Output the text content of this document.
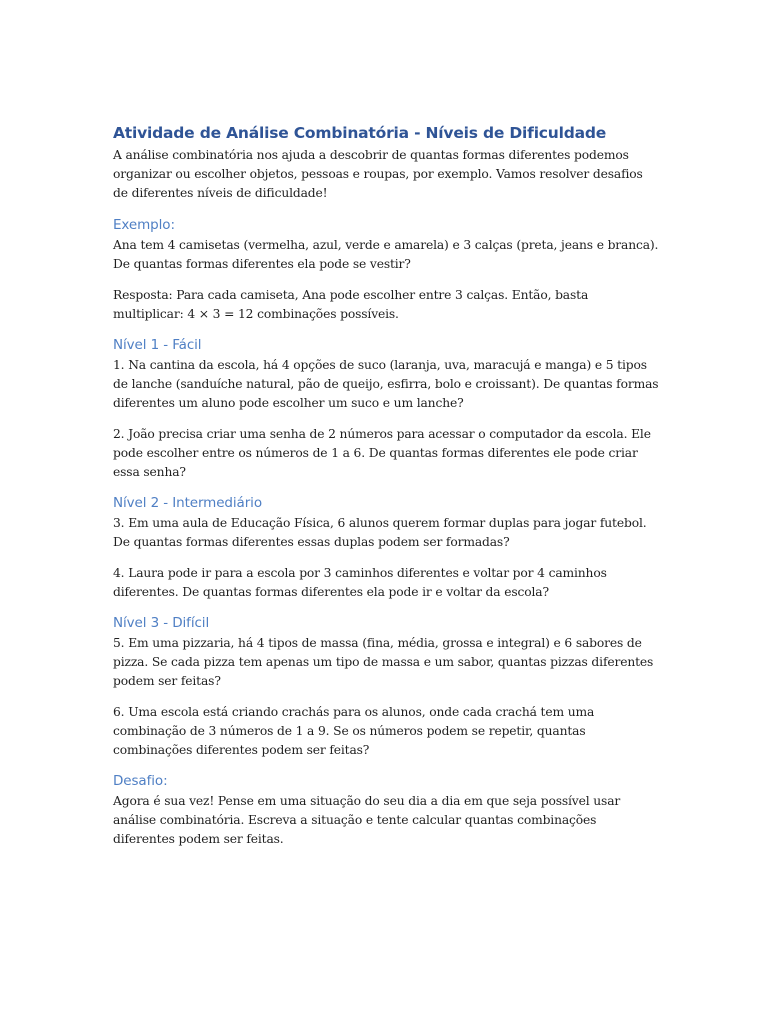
Atividade de Análise Combinatória - Níveis de Dificuldade

A análise combinatória nos ajuda a descobrir de quantas formas diferentes podemos organizar ou escolher objetos, pessoas e roupas, por exemplo. Vamos resolver desafios de diferentes níveis de dificuldade!

Exemplo:

Ana tem 4 camisetas (vermelha, azul, verde e amarela) e 3 calças (preta, jeans e branca). De quantas formas diferentes ela pode se vestir?

Resposta: Para cada camiseta, Ana pode escolher entre 3 calças. Então, basta multiplicar: 4 × 3 = 12 combinações possíveis.

Nível 1 - Fácil

1. Na cantina da escola, há 4 opções de suco (laranja, uva, maracujá e manga) e 5 tipos de lanche (sanduíche natural, pão de queijo, esfirra, bolo e croissant). De quantas formas diferentes um aluno pode escolher um suco e um lanche?

2. João precisa criar uma senha de 2 números para acessar o computador da escola. Ele pode escolher entre os números de 1 a 6. De quantas formas diferentes ele pode criar essa senha?

Nível 2 - Intermediário

3. Em uma aula de Educação Física, 6 alunos querem formar duplas para jogar futebol. De quantas formas diferentes essas duplas podem ser formadas?

4. Laura pode ir para a escola por 3 caminhos diferentes e voltar por 4 caminhos diferentes. De quantas formas diferentes ela pode ir e voltar da escola?

Nível 3 - Difícil

5. Em uma pizzaria, há 4 tipos de massa (fina, média, grossa e integral) e 6 sabores de pizza. Se cada pizza tem apenas um tipo de massa e um sabor, quantas pizzas diferentes podem ser feitas?

6. Uma escola está criando crachás para os alunos, onde cada crachá tem uma combinação de 3 números de 1 a 9. Se os números podem se repetir, quantas combinações diferentes podem ser feitas?

Desafio:

Agora é sua vez! Pense em uma situação do seu dia a dia em que seja possível usar análise combinatória. Escreva a situação e tente calcular quantas combinações diferentes podem ser feitas.
